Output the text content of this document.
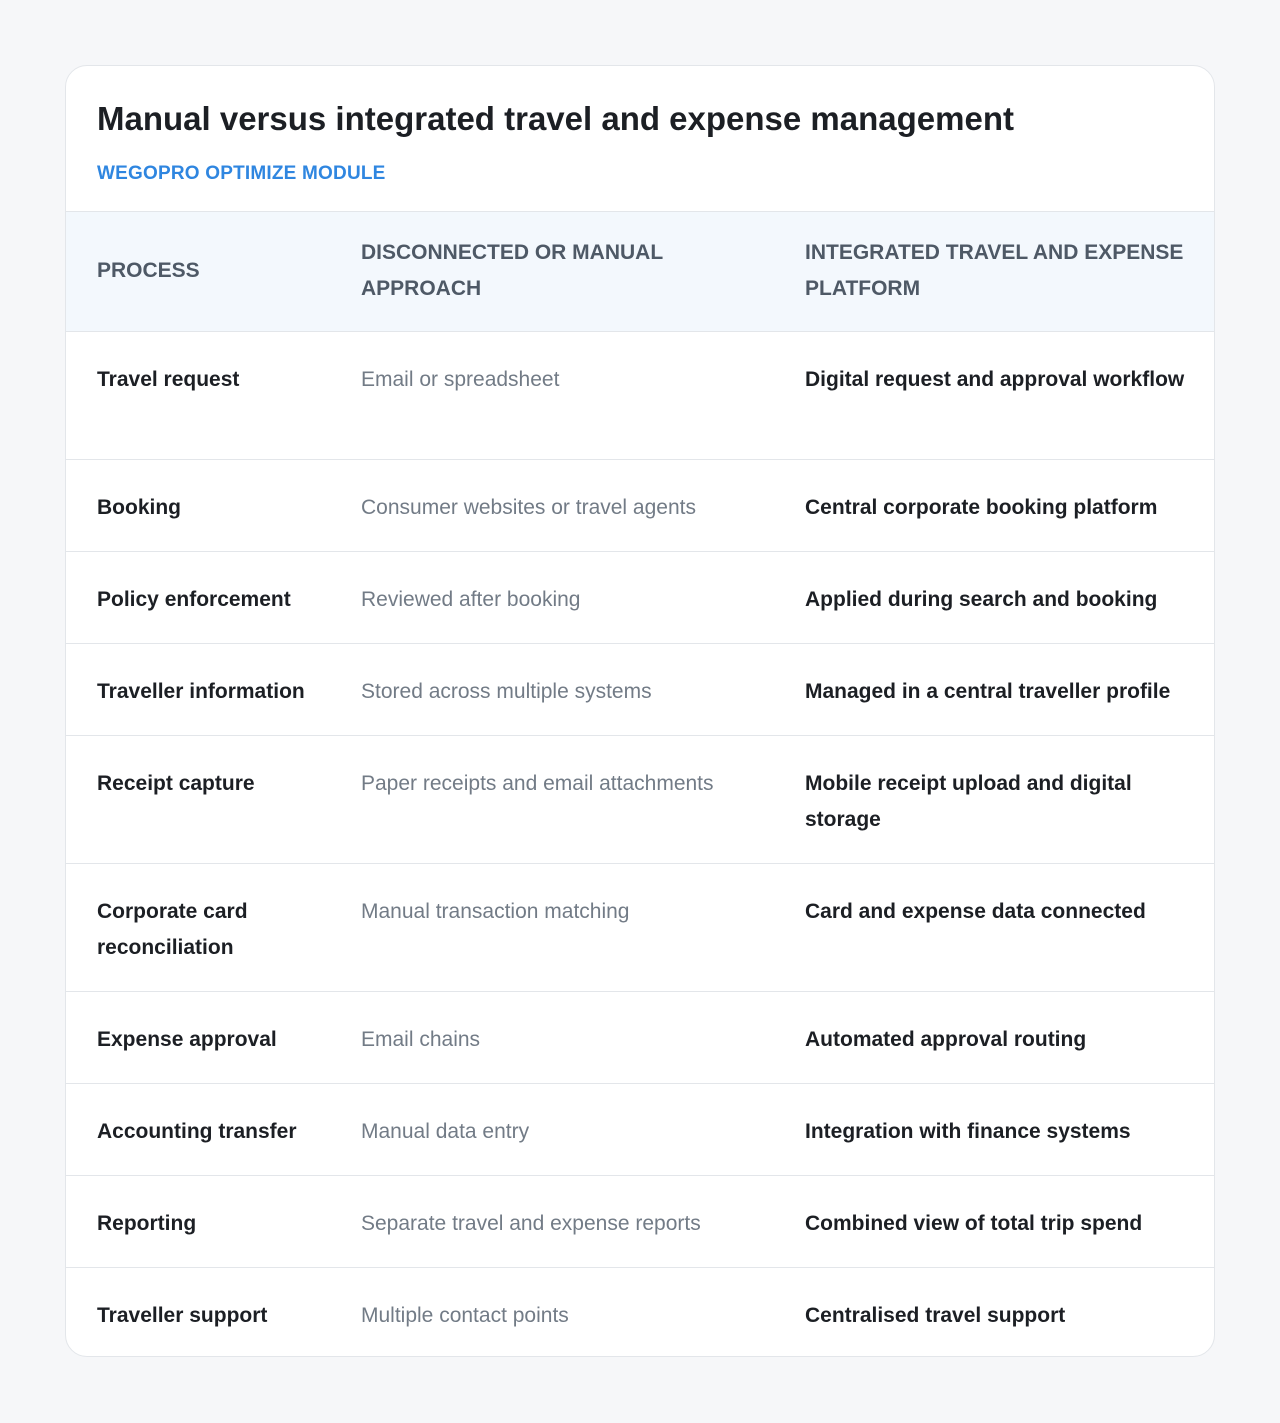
Manual versus integrated travel and expense management
WEGOPRO OPTIMIZE MODULE
PROCESS	DISCONNECTED OR MANUAL APPROACH	INTEGRATED TRAVEL AND EXPENSE PLATFORM
Travel request	Email or spreadsheet	Digital request and approval workflow
Booking	Consumer websites or travel agents	Central corporate booking platform
Policy enforcement	Reviewed after booking	Applied during search and booking
Traveller information	Stored across multiple systems	Managed in a central traveller profile
Receipt capture	Paper receipts and email attachments	Mobile receipt upload and digital storage
Corporate card reconciliation	Manual transaction matching	Card and expense data connected
Expense approval	Email chains	Automated approval routing
Accounting transfer	Manual data entry	Integration with finance systems
Reporting	Separate travel and expense reports	Combined view of total trip spend
Traveller support	Multiple contact points	Centralised travel support
